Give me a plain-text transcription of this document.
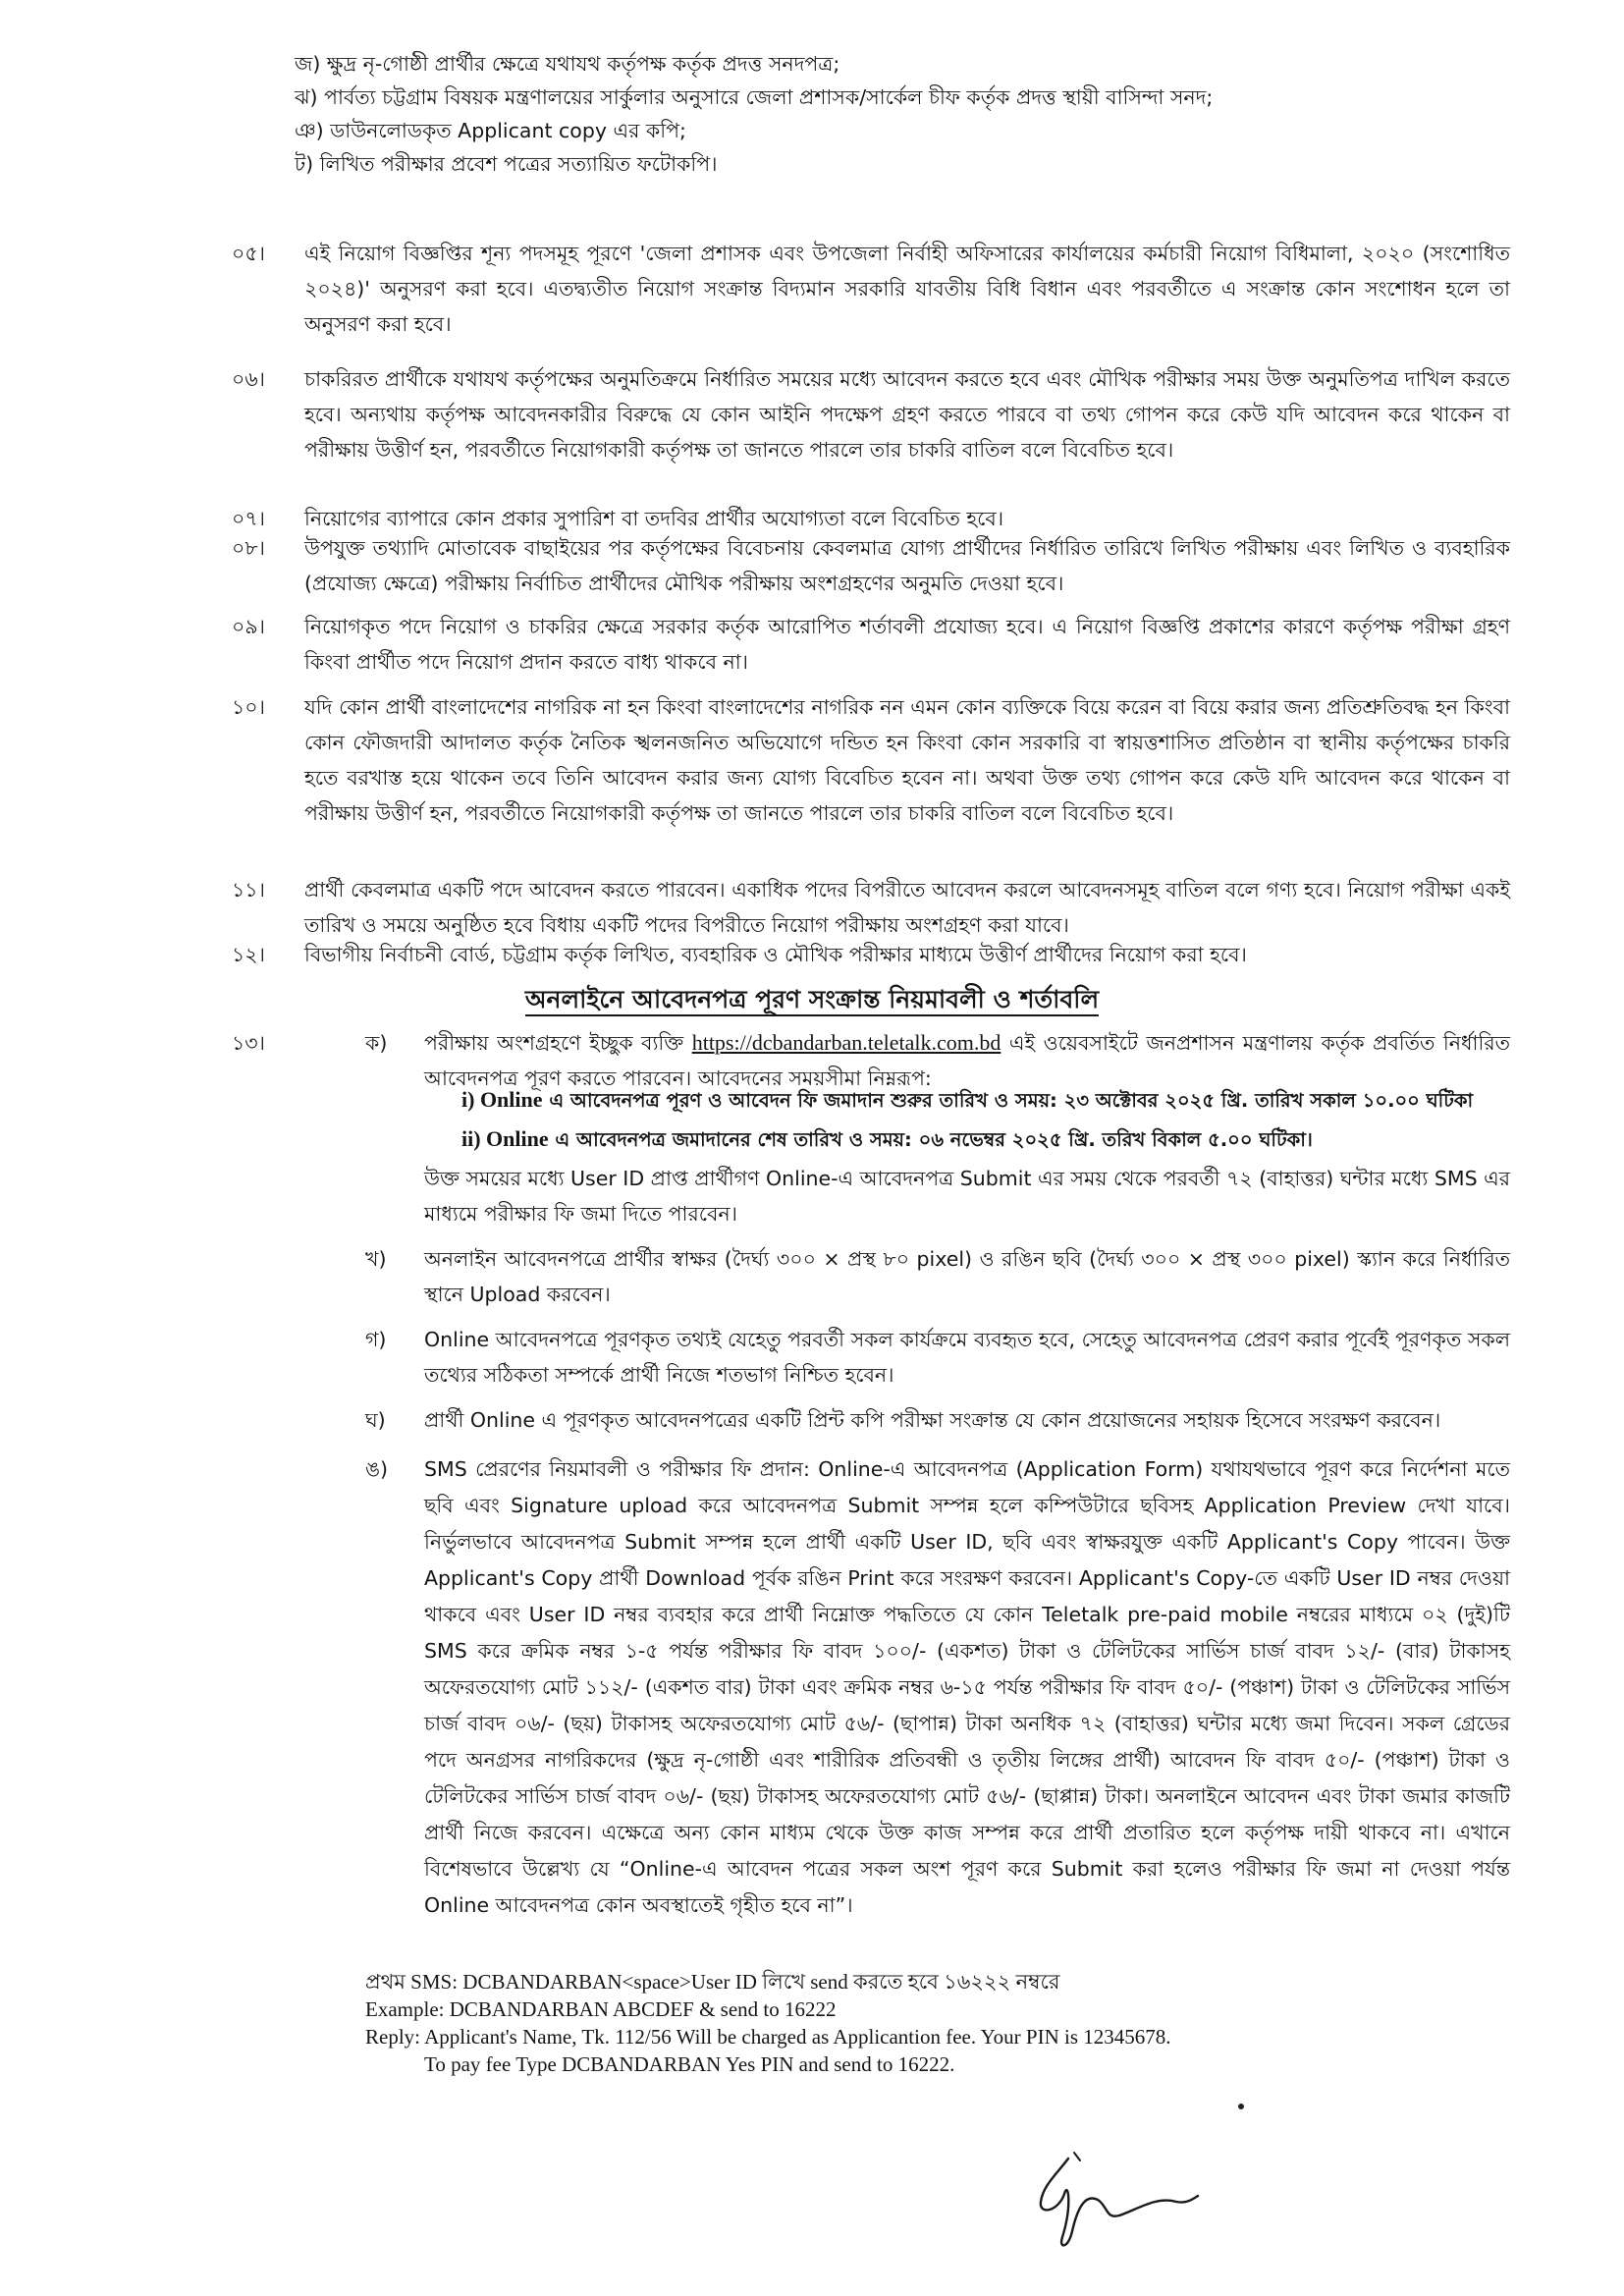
জ) ক্ষুদ্র নৃ-গোষ্ঠী প্রার্থীর ক্ষেত্রে যথাযথ কর্তৃপক্ষ কর্তৃক প্রদত্ত সনদপত্র;
ঝ) পার্বত্য চট্টগ্রাম বিষয়ক মন্ত্রণালয়ের সার্কুলার অনুসারে জেলা প্রশাসক/সার্কেল চীফ কর্তৃক প্রদত্ত স্থায়ী বাসিন্দা সনদ;
ঞ) ডাউনলোডকৃত Applicant copy এর কপি;
ট) লিখিত পরীক্ষার প্রবেশ পত্রের সত্যায়িত ফটোকপি।
০৫।	এই নিয়োগ বিজ্ঞপ্তির শূন্য পদসমূহ পূরণে 'জেলা প্রশাসক এবং উপজেলা নির্বাহী অফিসারের কার্যালয়ের কর্মচারী নিয়োগ বিধিমালা, ২০২০ (সংশোধিত ২০২৪)' অনুসরণ করা হবে। এতদ্ব্যতীত নিয়োগ সংক্রান্ত বিদ্যমান সরকারি যাবতীয় বিধি বিধান এবং পরবর্তীতে এ সংক্রান্ত কোন সংশোধন হলে তা অনুসরণ করা হবে।
০৬।	চাকরিরত প্রার্থীকে যথাযথ কর্তৃপক্ষের অনুমতিক্রমে নির্ধারিত সময়ের মধ্যে আবেদন করতে হবে এবং মৌখিক পরীক্ষার সময় উক্ত অনুমতিপত্র দাখিল করতে হবে। অন্যথায় কর্তৃপক্ষ আবেদনকারীর বিরুদ্ধে যে কোন আইনি পদক্ষেপ গ্রহণ করতে পারবে বা তথ্য গোপন করে কেউ যদি আবেদন করে থাকেন বা পরীক্ষায় উত্তীর্ণ হন, পরবর্তীতে নিয়োগকারী কর্তৃপক্ষ তা জানতে পারলে তার চাকরি বাতিল বলে বিবেচিত হবে।
০৭।	নিয়োগের ব্যাপারে কোন প্রকার সুপারিশ বা তদবির প্রার্থীর অযোগ্যতা বলে বিবেচিত হবে।
০৮।	উপযুক্ত তথ্যাদি মোতাবেক বাছাইয়ের পর কর্তৃপক্ষের বিবেচনায় কেবলমাত্র যোগ্য প্রার্থীদের নির্ধারিত তারিখে লিখিত পরীক্ষায় এবং লিখিত ও ব্যবহারিক (প্রযোজ্য ক্ষেত্রে) পরীক্ষায় নির্বাচিত প্রার্থীদের মৌখিক পরীক্ষায় অংশগ্রহণের অনুমতি দেওয়া হবে।
০৯।	নিয়োগকৃত পদে নিয়োগ ও চাকরির ক্ষেত্রে সরকার কর্তৃক আরোপিত শর্তাবলী প্রযোজ্য হবে। এ নিয়োগ বিজ্ঞপ্তি প্রকাশের কারণে কর্তৃপক্ষ পরীক্ষা গ্রহণ কিংবা প্রার্থীত পদে নিয়োগ প্রদান করতে বাধ্য থাকবে না।
১০।	যদি কোন প্রার্থী বাংলাদেশের নাগরিক না হন কিংবা বাংলাদেশের নাগরিক নন এমন কোন ব্যক্তিকে বিয়ে করেন বা বিয়ে করার জন্য প্রতিশ্রুতিবদ্ধ হন কিংবা কোন ফৌজদারী আদালত কর্তৃক নৈতিক স্খলনজনিত অভিযোগে দন্ডিত হন কিংবা কোন সরকারি বা স্বায়ত্তশাসিত প্রতিষ্ঠান বা স্থানীয় কর্তৃপক্ষের চাকরি হতে বরখাস্ত হয়ে থাকেন তবে তিনি আবেদন করার জন্য যোগ্য বিবেচিত হবেন না। অথবা উক্ত তথ্য গোপন করে কেউ যদি আবেদন করে থাকেন বা পরীক্ষায় উত্তীর্ণ হন, পরবর্তীতে নিয়োগকারী কর্তৃপক্ষ তা জানতে পারলে তার চাকরি বাতিল বলে বিবেচিত হবে।
১১।	প্রার্থী কেবলমাত্র একটি পদে আবেদন করতে পারবেন। একাধিক পদের বিপরীতে আবেদন করলে আবেদনসমূহ বাতিল বলে গণ্য হবে। নিয়োগ পরীক্ষা একই তারিখ ও সময়ে অনুষ্ঠিত হবে বিধায় একটি পদের বিপরীতে নিয়োগ পরীক্ষায় অংশগ্রহণ করা যাবে।
১২।	বিভাগীয় নির্বাচনী বোর্ড, চট্টগ্রাম কর্তৃক লিখিত, ব্যবহারিক ও মৌখিক পরীক্ষার মাধ্যমে উত্তীর্ণ প্রার্থীদের নিয়োগ করা হবে।
অনলাইনে আবেদনপত্র পূরণ সংক্রান্ত নিয়মাবলী ও শর্তাবলি
১৩।	ক)	পরীক্ষায় অংশগ্রহণে ইচ্ছুক ব্যক্তি https://dcbandarban.teletalk.com.bd এই ওয়েবসাইটে জনপ্রশাসন মন্ত্রণালয় কর্তৃক প্রবর্তিত নির্ধারিত আবেদনপত্র পূরণ করতে পারবেন। আবেদনের সময়সীমা নিম্নরূপ:
i) Online এ আবেদনপত্র পূরণ ও আবেদন ফি জমাদান শুরুর তারিখ ও সময়: ২৩ অক্টোবর ২০২৫ খ্রি. তারিখ সকাল ১০.০০ ঘটিকা
ii) Online এ আবেদনপত্র জমাদানের শেষ তারিখ ও সময়: ০৬ নভেম্বর ২০২৫ খ্রি. তরিখ বিকাল ৫.০০ ঘটিকা।
উক্ত সময়ের মধ্যে User ID প্রাপ্ত প্রার্থীগণ Online-এ আবেদনপত্র Submit এর সময় থেকে পরবর্তী ৭২ (বাহাত্তর) ঘন্টার মধ্যে SMS এর মাধ্যমে পরীক্ষার ফি জমা দিতে পারবেন।
খ)	অনলাইন আবেদনপত্রে প্রার্থীর স্বাক্ষর (দৈর্ঘ্য ৩০০ × প্রস্থ ৮০ pixel) ও রঙিন ছবি (দৈর্ঘ্য ৩০০ × প্রস্থ ৩০০ pixel) স্ক্যান করে নির্ধারিত স্থানে Upload করবেন।
গ)	Online আবেদনপত্রে পূরণকৃত তথ্যই যেহেতু পরবর্তী সকল কার্যক্রমে ব্যবহৃত হবে, সেহেতু আবেদনপত্র প্রেরণ করার পূর্বেই পূরণকৃত সকল তথ্যের সঠিকতা সম্পর্কে প্রার্থী নিজে শতভাগ নিশ্চিত হবেন।
ঘ)	প্রার্থী Online এ পূরণকৃত আবেদনপত্রের একটি প্রিন্ট কপি পরীক্ষা সংক্রান্ত যে কোন প্রয়োজনের সহায়ক হিসেবে সংরক্ষণ করবেন।
ঙ)	SMS প্রেরণের নিয়মাবলী ও পরীক্ষার ফি প্রদান: Online-এ আবেদনপত্র (Application Form) যথাযথভাবে পূরণ করে নির্দেশনা মতে ছবি এবং Signature upload করে আবেদনপত্র Submit সম্পন্ন হলে কম্পিউটারে ছবিসহ Application Preview দেখা যাবে। নির্ভুলভাবে আবেদনপত্র Submit সম্পন্ন হলে প্রার্থী একটি User ID, ছবি এবং স্বাক্ষরযুক্ত একটি Applicant's Copy পাবেন। উক্ত Applicant's Copy প্রার্থী Download পূর্বক রঙিন Print করে সংরক্ষণ করবেন। Applicant's Copy-তে একটি User ID নম্বর দেওয়া থাকবে এবং User ID নম্বর ব্যবহার করে প্রার্থী নিম্নোক্ত পদ্ধতিতে যে কোন Teletalk pre-paid mobile নম্বরের মাধ্যমে ০২ (দুই)টি SMS করে ক্রমিক নম্বর ১-৫ পর্যন্ত পরীক্ষার ফি বাবদ ১০০/- (একশত) টাকা ও টেলিটকের সার্ভিস চার্জ বাবদ ১২/- (বার) টাকাসহ অফেরতযোগ্য মোট ১১২/- (একশত বার) টাকা এবং ক্রমিক নম্বর ৬-১৫ পর্যন্ত পরীক্ষার ফি বাবদ ৫০/- (পঞ্চাশ) টাকা ও টেলিটকের সার্ভিস চার্জ বাবদ ০৬/- (ছয়) টাকাসহ অফেরতযোগ্য মোট ৫৬/- (ছাপান্ন) টাকা অনধিক ৭২ (বাহাত্তর) ঘন্টার মধ্যে জমা দিবেন। সকল গ্রেডের পদে অনগ্রসর নাগরিকদের (ক্ষুদ্র নৃ-গোষ্ঠী এবং শারীরিক প্রতিবন্ধী ও তৃতীয় লিঙ্গের প্রার্থী) আবেদন ফি বাবদ ৫০/- (পঞ্চাশ) টাকা ও টেলিটকের সার্ভিস চার্জ বাবদ ০৬/- (ছয়) টাকাসহ অফেরতযোগ্য মোট ৫৬/- (ছাপ্পান্ন) টাকা। অনলাইনে আবেদন এবং টাকা জমার কাজটি প্রার্থী নিজে করবেন। এক্ষেত্রে অন্য কোন মাধ্যম থেকে উক্ত কাজ সম্পন্ন করে প্রার্থী প্রতারিত হলে কর্তৃপক্ষ দায়ী থাকবে না। এখানে বিশেষভাবে উল্লেখ্য যে “Online-এ আবেদন পত্রের সকল অংশ পূরণ করে Submit করা হলেও পরীক্ষার ফি জমা না দেওয়া পর্যন্ত Online আবেদনপত্র কোন অবস্থাতেই গৃহীত হবে না”।
প্রথম SMS: DCBANDARBAN<space>User ID লিখে send করতে হবে ১৬২২২ নম্বরে
Example: DCBANDARBAN ABCDEF & send to 16222
Reply: Applicant's Name, Tk. 112/56 Will be charged as Applicantion fee. Your PIN is 12345678.
To pay fee Type DCBANDARBAN Yes PIN and send to 16222.
